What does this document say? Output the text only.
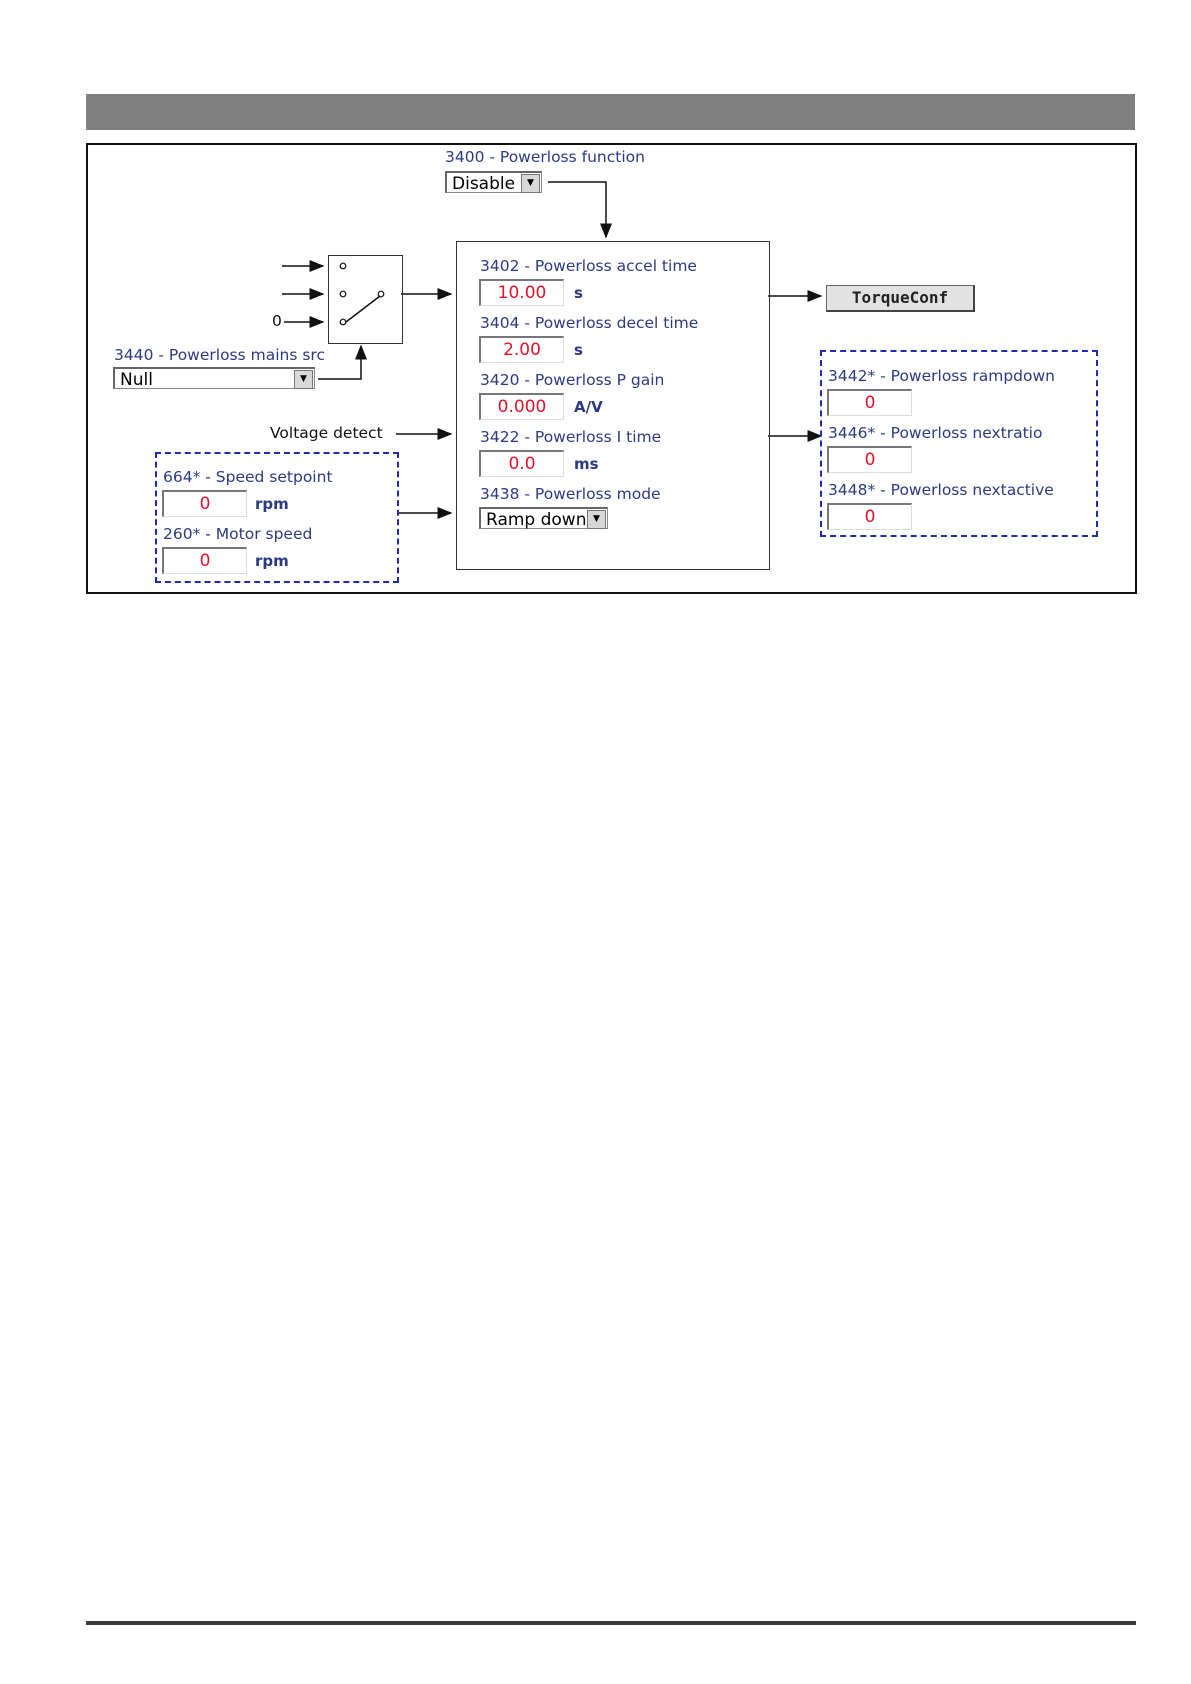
0
3400 - Powerloss function
Disable	▼
3440 - Powerloss mains src
Null	▼
Voltage detect
664* - Speed setpoint
0	rpm
260* - Motor speed
0	rpm
3402 - Powerloss accel time
10.00	s
3404 - Powerloss decel time
2.00	s
3420 - Powerloss P gain
0.000	A/V
3422 - Powerloss I time
0.0	ms
3438 - Powerloss mode
Ramp down ▼
TorqueConf
3442* - Powerloss rampdown
0
3446* - Powerloss nextratio
0
3448* - Powerloss nextactive
0
